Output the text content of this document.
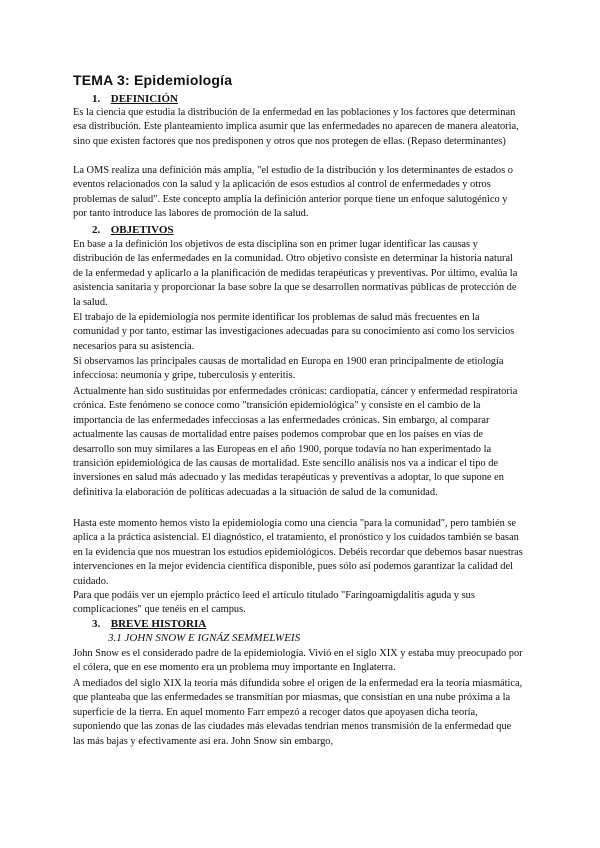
TEMA 3: Epidemiología
1. DEFINICIÓN

Es la ciencia que estudia la distribución de la enfermedad en las poblaciones y los factores que determinan esa distribución. Este planteamiento implica asumir que las enfermedades no aparecen de manera aleatoria, sino que existen factores que nos predisponen y otros que nos protegen de ellas. (Repaso determinantes)

La OMS realiza una definición más amplia, "el estudio de la distribución y los determinantes de estados o eventos relacionados con la salud y la aplicación de esos estudios al control de enfermedades y otros problemas de salud". Este concepto amplía la definición anterior porque tiene un enfoque salutogénico y por tanto introduce las labores de promoción de la salud.

2. OBJETIVOS

En base a la definición los objetivos de esta disciplina son en primer lugar identificar las causas y distribución de las enfermedades en la comunidad. Otro objetivo consiste en determinar la historia natural de la enfermedad y aplicarlo a la planificación de medidas terapéuticas y preventivas. Por último, evalúa la asistencia sanitaria y proporcionar la base sobre la que se desarrollen normativas públicas de protección de la salud.

El trabajo de la epidemiología nos permite identificar los problemas de salud más frecuentes en la comunidad y por tanto, estimar las investigaciones adecuadas para su conocimiento así como los servicios necesarios para su asistencia.

Si observamos las principales causas de mortalidad en Europa en 1900 eran principalmente de etiología infecciosa: neumonía y gripe, tuberculosis y enteritis.

Actualmente han sido sustituidas por enfermedades crónicas: cardiopatía, cáncer y enfermedad respiratoria crónica. Este fenómeno se conoce como "transición epidemiológica" y consiste en el cambio de la importancia de las enfermedades infecciosas a las enfermedades crónicas. Sin embargo, al comparar actualmente las causas de mortalidad entre países podemos comprobar que en los países en vías de desarrollo son muy similares a las Europeas en el año 1900, porque todavía no han experimentado la transición epidemiológica de las causas de mortalidad. Este sencillo análisis nos va a indicar el tipo de inversiones en salud más adecuado y las medidas terapéuticas y preventivas a adoptar, lo que supone en definitiva la elaboración de políticas adecuadas a la situación de salud de la comunidad.

Hasta este momento hemos visto la epidemiología como una ciencia "para la comunidad", pero también se aplica a la práctica asistencial. El diagnóstico, el tratamiento, el pronóstico y los cuidados también se basan en la evidencia que nos muestran los estudios epidemiológicos. Debéis recordar que debemos basar nuestras intervenciones en la mejor evidencia científica disponible, pues sólo así podemos garantizar la calidad del cuidado.

Para que podáis ver un ejemplo práctico leed el artículo titulado "Faringoamigdalitis aguda y sus complicaciones" que tenéis en el campus.

3. BREVE HISTORIA
3.1 JOHN SNOW E IGNÁZ SEMMELWEIS

John Snow es el considerado padre de la epidemiología. Vivió en el siglo XIX y estaba muy preocupado por el cólera, que en ese momento era un problema muy importante en Inglaterra.

A mediados del siglo XIX la teoría más difundida sobre el origen de la enfermedad era la teoría miasmática, que planteaba que las enfermedades se transmitían por miasmas, que consistían en una nube próxima a la superficie de la tierra. En aquel momento Farr empezó a recoger datos que apoyasen dicha teoría, suponiendo que las zonas de las ciudades más elevadas tendrían menos transmisión de la enfermedad que las más bajas y efectivamente así era. John Snow sin embargo,
